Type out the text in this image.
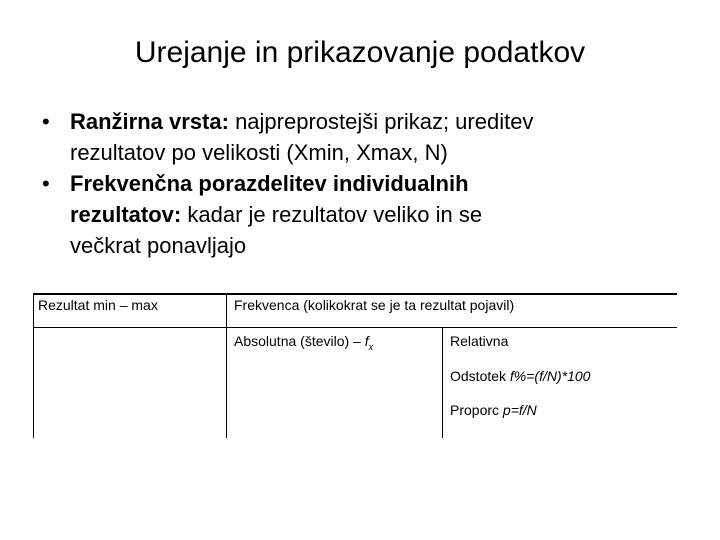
Urejanje in prikazovanje podatkov
• Ranžirna vrsta: najpreprostejši prikaz; ureditev
rezultatov po velikosti (Xmin, Xmax, N)
• Frekvenčna porazdelitev individualnih
rezultatov: kadar je rezultatov veliko in se
večkrat ponavljajo
Rezultat min – max	Frekvenca (kolikokrat se je ta rezultat pojavil)
Absolutna (število) – $f_x$	Relativna
Odstotek f%=(f/N)*100
Proporc p=f/N
